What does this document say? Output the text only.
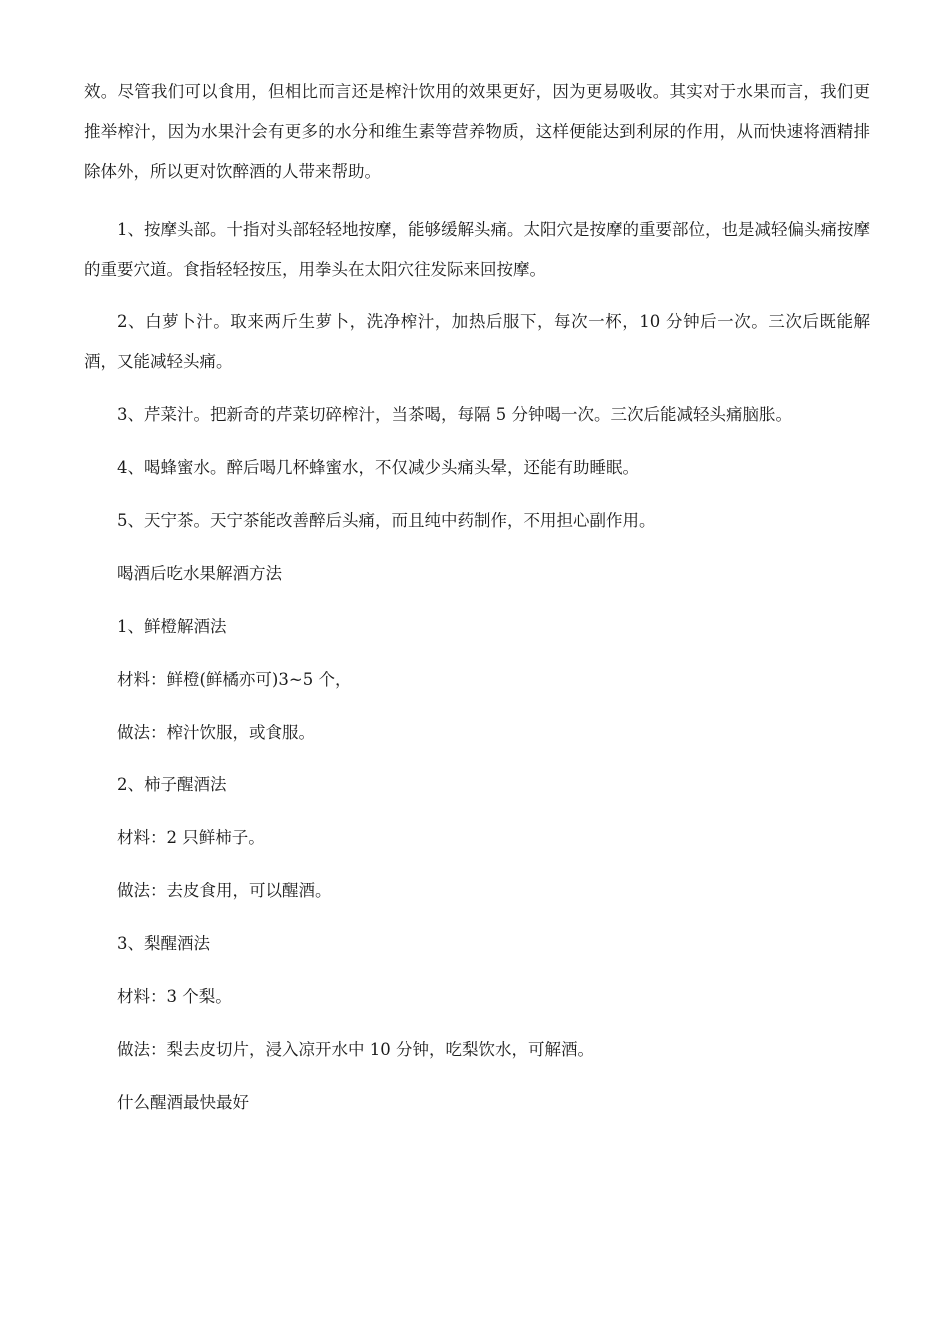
效。尽管我们可以食用，但相比而言还是榨汁饮用的效果更好，因为更易吸收。其实对于水果而言，我们更推举榨汁，因为水果汁会有更多的水分和维生素等营养物质，这样便能达到利尿的作用，从而快速将酒精排除体外，所以更对饮醉酒的人带来帮助。

1、按摩头部。十指对头部轻轻地按摩，能够缓解头痛。太阳穴是按摩的重要部位，也是减轻偏头痛按摩的重要穴道。食指轻轻按压，用拳头在太阳穴往发际来回按摩。

2、白萝卜汁。取来两斤生萝卜，洗净榨汁，加热后服下，每次一杯，10 分钟后一次。三次后既能解酒，又能减轻头痛。

3、芹菜汁。把新奇的芹菜切碎榨汁，当茶喝，每隔 5 分钟喝一次。三次后能减轻头痛脑胀。
4、喝蜂蜜水。醉后喝几杯蜂蜜水，不仅减少头痛头晕，还能有助睡眠。
5、天宁茶。天宁茶能改善醉后头痛，而且纯中药制作，不用担心副作用。
喝酒后吃水果解酒方法
1、鲜橙解酒法
材料：鲜橙(鲜橘亦可)3~5 个，
做法：榨汁饮服，或食服。
2、柿子醒酒法
材料：2 只鲜柿子。
做法：去皮食用，可以醒酒。
3、梨醒酒法
材料：3 个梨。
做法：梨去皮切片，浸入凉开水中 10 分钟，吃梨饮水，可解酒。
什么醒酒最快最好
